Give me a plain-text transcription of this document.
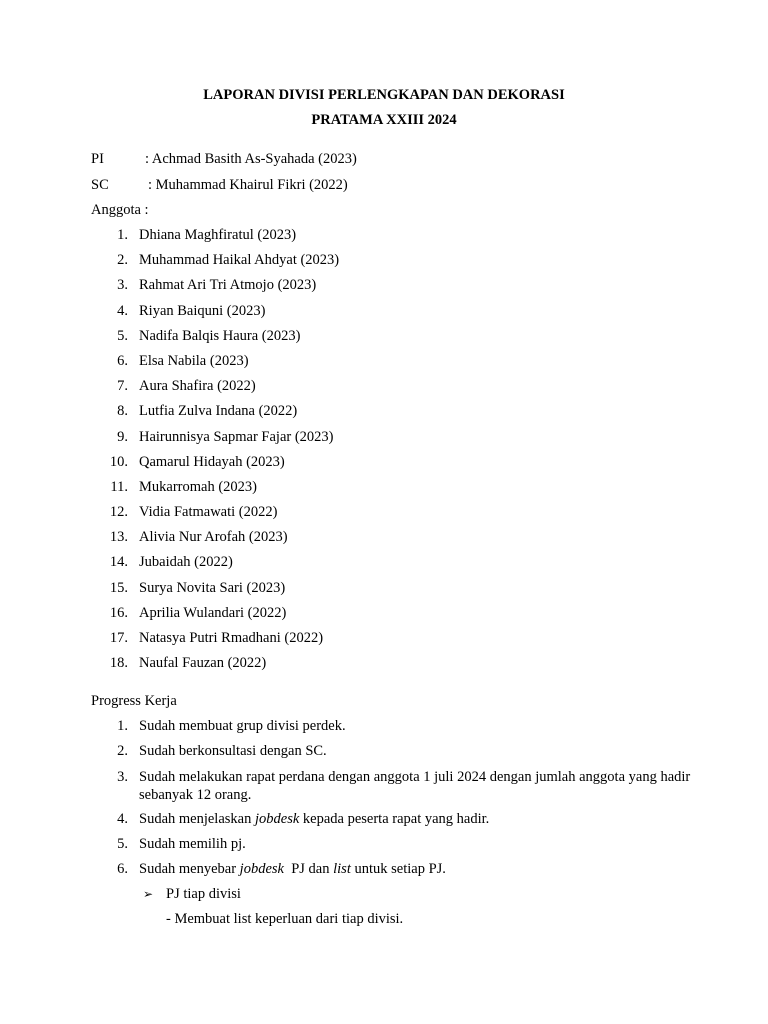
LAPORAN DIVISI PERLENGKAPAN DAN DEKORASI
PRATAMA XXIII 2024
PI	: Achmad Basith As-Syahada (2023)
SC	: Muhammad Khairul Fikri (2022)
Anggota :
1. Dhiana Maghfiratul (2023)
2. Muhammad Haikal Ahdyat (2023)
3. Rahmat Ari Tri Atmojo (2023)
4. Riyan Baiquni (2023)
5. Nadifa Balqis Haura (2023)
6. Elsa Nabila (2023)
7. Aura Shafira (2022)
8. Lutfia Zulva Indana (2022)
9. Hairunnisya Sapmar Fajar (2023)
10. Qamarul Hidayah (2023)
11. Mukarromah (2023)
12. Vidia Fatmawati (2022)
13. Alivia Nur Arofah (2023)
14. Jubaidah (2022)
15. Surya Novita Sari (2023)
16. Aprilia Wulandari (2022)
17. Natasya Putri Rmadhani (2022)
18. Naufal Fauzan (2022)
Progress Kerja
1. Sudah membuat grup divisi perdek.
2. Sudah berkonsultasi dengan SC.
3. Sudah melakukan rapat perdana dengan anggota 1 juli 2024 dengan jumlah anggota yang hadir sebanyak 12 orang.
4. Sudah menjelaskan jobdesk kepada peserta rapat yang hadir.
5. Sudah memilih pj.
6. Sudah menyebar jobdesk  PJ dan list untuk setiap PJ.
➢ PJ tiap divisi
- Membuat list keperluan dari tiap divisi.
